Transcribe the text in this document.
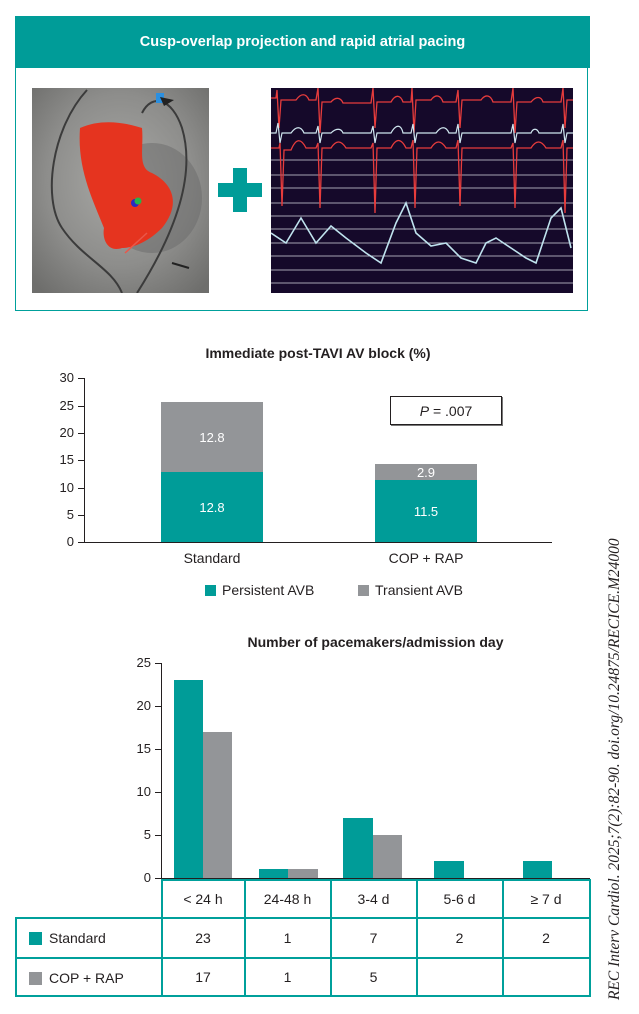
Cusp-overlap projection and rapid atrial pacing
Immediate post-TAVI AV block (%)
0
5
10
15
20
25
30
12.8
12.8
2.9
11.5
P = .007
Standard	COP + RAP
Persistent AVB	Transient AVB
Number of pacemakers/admission day
0
5
10
15
20
25
< 24 h	24-48 h	3-4 d	5-6 d	≥ 7 d
Standard	23	1	7	2	2
COP + RAP	17	1	5	REC Interv Cardiol. 2025;7(2):82-90. doi.org/10.24875/RECICE.M24000
